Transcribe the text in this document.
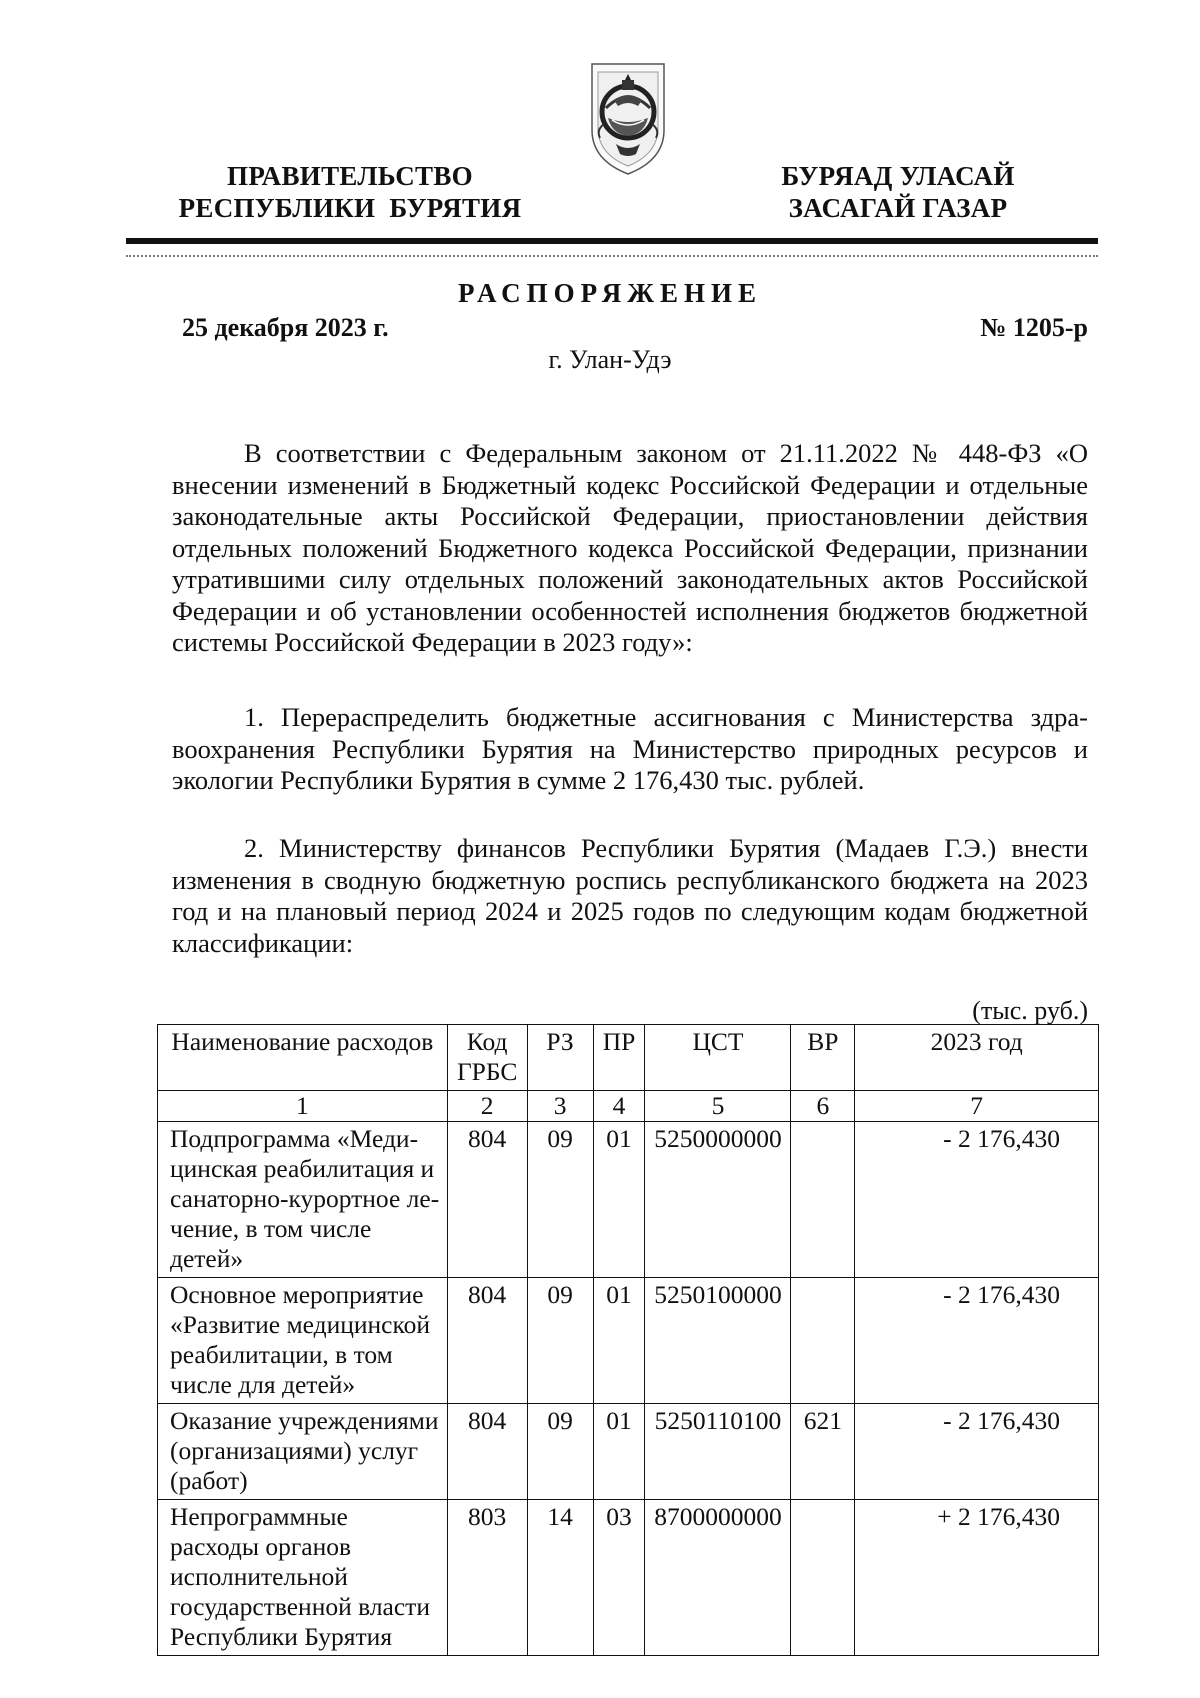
ПРАВИТЕЛЬСТВО
РЕСПУБЛИКИ  БУРЯТИЯ
БУРЯАД УЛАСАЙ
ЗАСАГАЙ ГАЗАР
РАСПОРЯЖЕНИЕ
25 декабря 2023 г.	№ 1205-р
г. Улан-Удэ

В соответствии с Федеральным законом от 21.11.2022 № 448-ФЗ «О внесении изменений в Бюджетный кодекс Российской Федерации и отдельные законодательные акты Российской Федерации, приостановлении действия отдельных положений Бюджетного кодекса Российской Федерации, признании утратившими силу отдельных положений законодательных актов Российской Федерации и об установлении особенностей исполнения бюджетов бюджетной системы Российской Федерации в 2023 году»:

1. Перераспределить бюджетные ассигнования с Министерства здравоохранения Республики Бурятия на Министерство природных ресурсов и экологии Республики Бурятия в сумме 2 176,430 тыс. рублей.

2. Министерству финансов Республики Бурятия (Мадаев Г.Э.) внести изменения в сводную бюджетную роспись республиканского бюджета на 2023 год и на плановый период 2024 и 2025 годов по следующим кодам бюджетной классификации:

(тыс. руб.)
Наименование расходов	Код ГРБС	РЗ	ПР	ЦСТ	ВР	2023 год
1	2	3	4	5	6	7
Подпрограмма «Медицинская реабилитация и санаторно-курортное лечение, в том числе детей»	804	09	01	5250000000		- 2 176,430
Основное мероприятие «Развитие медицинской реабилитации, в том числе для детей»	804	09	01	5250100000		- 2 176,430
Оказание учреждениями (организациями) услуг (работ)	804	09	01	5250110100	621	- 2 176,430
Непрограммные расходы органов исполнительной государственной власти Республики Бурятия	803	14	03	8700000000		+ 2 176,430
